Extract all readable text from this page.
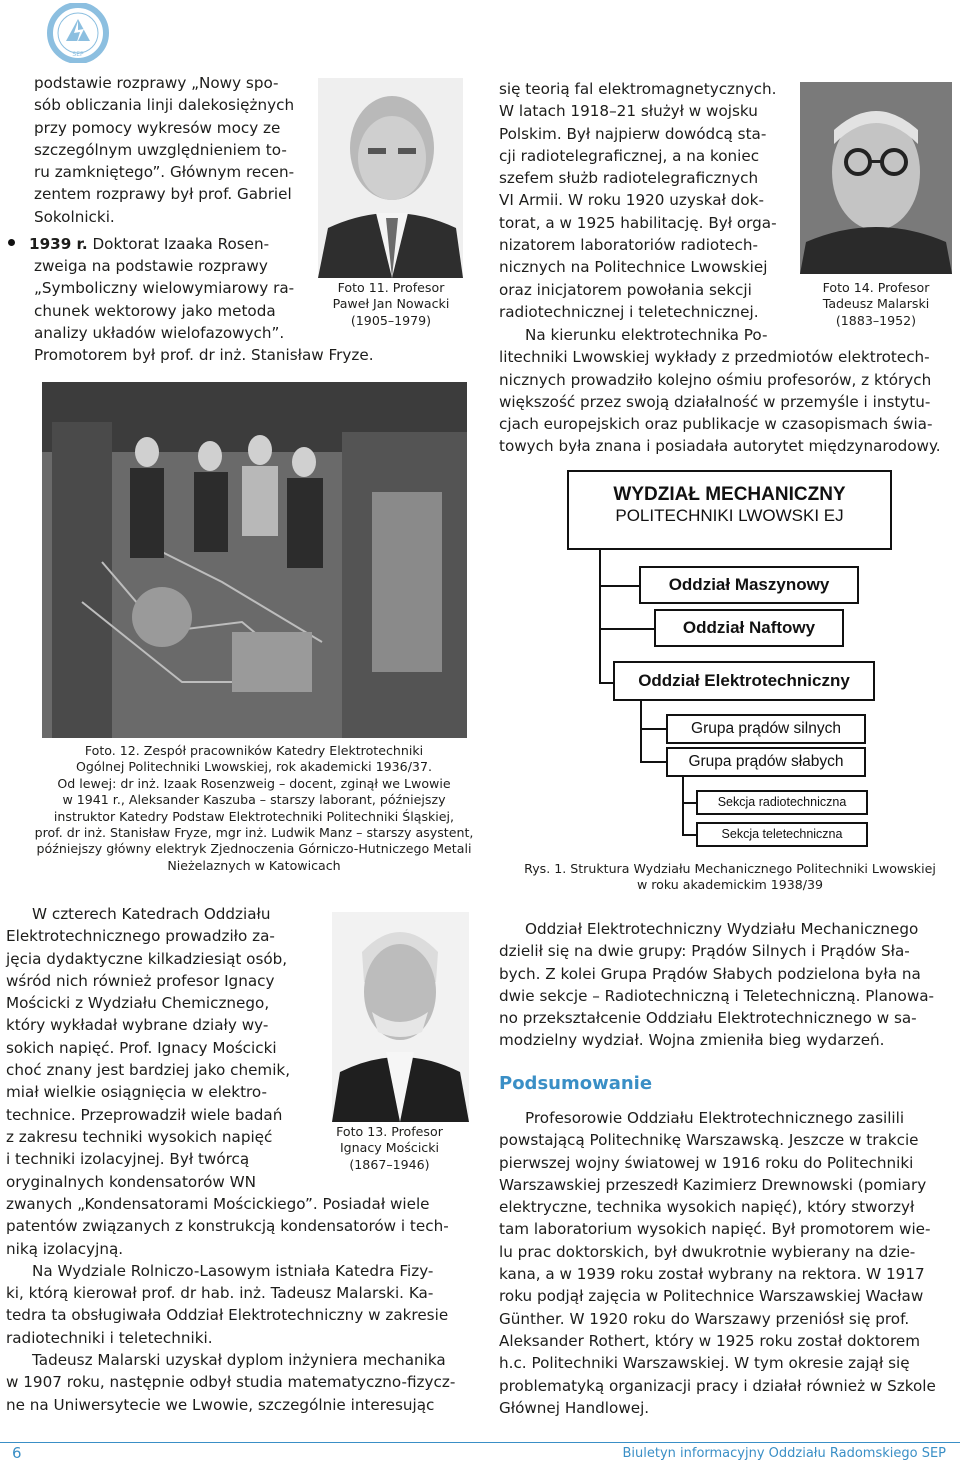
SEP

podstawie rozprawy „Nowy spo-
sób obliczania linji dalekosiężnych
przy pomocy wykresów mocy ze
szczególnym uwzględnieniem to-
ru zamkniętego”. Głównym recen-
zentem rozprawy był prof. Gabriel
Sokolnicki.

1939 r. Doktorat Izaaka Rosen-

zweiga na podstawie rozprawy
„Symboliczny wielowymiarowy ra-
chunek wektorowy jako metoda
analizy układów wielofazowych”.

Promotorem był prof. dr inż. Stanisław Fryze.

Foto 11. Profesor
Paweł Jan Nowacki
(1905–1979)

się teorią fal elektromagnetycznych.
W latach 1918–21 służył w wojsku
Polskim. Był najpierw dowódcą sta-
cji radiotelegraficznej, a na koniec
szefem służb radiotelegraficznych
VI Armii. W roku 1920 uzyskał dok-
torat, a w 1925 habilitację. Był orga-
nizatorem laboratoriów radiotech-
nicznych na Politechnice Lwowskiej
oraz inicjatorem powołania sekcji
radiotechnicznej i teletechnicznej.

Na kierunku elektrotechnika Po-
litechniki Lwowskiej wykłady z przedmiotów elektrotech-
nicznych prowadziło kolejno ośmiu profesorów, z których
większość przez swoją działalność w przemyśle i instytu-
cjach europejskich oraz publikacje w czasopismach świa-
towych była znana i posiadała autorytet międzynarodowy.

Foto 14. Profesor
Tadeusz Malarski
(1883–1952)
Foto. 12. Zespół pracowników Katedry Elektrotechniki
Ogólnej Politechniki Lwowskiej, rok akademicki 1936/37.
Od lewej: dr inż. Izaak Rosenzweig – docent, zginął we Lwowie
w 1941 r., Aleksander Kaszuba – starszy laborant, późniejszy
instruktor Katedry Podstaw Elektrotechniki Politechniki Śląskiej,
prof. dr inż. Stanisław Fryze, mgr inż. Ludwik Manz – starszy asystent,
późniejszy główny elektryk Zjednoczenia Górniczo-Hutniczego Metali
Nieżelaznych w Katowicach
WYDZIAŁ MECHANICZNY
POLITECHNIKI LWOWSKI EJ
Oddział Maszynowy
Oddział Naftowy
Oddział Elektrotechniczny
Grupa prądów silnych
Grupa prądów słabych
Sekcja radiotechniczna
Sekcja teletechniczna
Rys. 1. Struktura Wydziału Mechanicznego Politechniki Lwowskiej
w roku akademickim 1938/39

W czterech Katedrach Oddziału
Elektrotechnicznego prowadziło za-
jęcia dydaktyczne kilkadziesiąt osób,
wśród nich również profesor Ignacy
Mościcki z Wydziału Chemicznego,
który wykładał wybrane działy wy-
sokich napięć. Prof. Ignacy Mościcki
choć znany jest bardziej jako chemik,
miał wielkie osiągnięcia w elektro-
technice. Przeprowadził wiele badań
z zakresu techniki wysokich napięć
i techniki izolacyjnej. Był twórcą
oryginalnych kondensatorów WN

zwanych „Kondensatorami Mościckiego”. Posiadał wiele
patentów związanych z konstrukcją kondensatorów i tech-
niką izolacyjną.
Na Wydziale Rolniczo-Lasowym istniała Katedra Fizy-
ki, którą kierował prof. dr hab. inż. Tadeusz Malarski. Ka-
tedra ta obsługiwała Oddział Elektrotechniczny w zakresie
radiotechniki i teletechniki.
Tadeusz Malarski uzyskał dyplom inżyniera mechanika
w 1907 roku, następnie odbył studia matematyczno-fizycz-
ne na Uniwersytecie we Lwowie, szczególnie interesując

Foto 13. Profesor
Ignacy Mościcki
(1867–1946)

Oddział Elektrotechniczny Wydziału Mechanicznego
dzielił się na dwie grupy: Prądów Silnych i Prądów Sła-
bych. Z kolei Grupa Prądów Słabych podzielona była na
dwie sekcje – Radiotechniczną i Teletechniczną. Planowa-
no przekształcenie Oddziału Elektrotechnicznego w sa-
modzielny wydział. Wojna zmieniła bieg wydarzeń.

Podsumowanie

Profesorowie Oddziału Elektrotechnicznego zasilili
powstającą Politechnikę Warszawską. Jeszcze w trakcie
pierwszej wojny światowej w 1916 roku do Politechniki
Warszawskiej przeszedł Kazimierz Drewnowski (pomiary
elektryczne, technika wysokich napięć), który stworzył
tam laboratorium wysokich napięć. Był promotorem wie-
lu prac doktorskich, był dwukrotnie wybierany na dzie-
kana, a w 1939 roku został wybrany na rektora. W 1917
roku podjął zajęcia w Politechnice Warszawskiej Wacław
Günther. W 1920 roku do Warszawy przeniósł się prof.
Aleksander Rothert, który w 1925 roku został doktorem
h.c. Politechniki Warszawskiej. W tym okresie zajął się
problematyką organizacji pracy i działał również w Szkole
Głównej Handlowej.

6	Biuletyn informacyjny Oddziału Radomskiego SEP
